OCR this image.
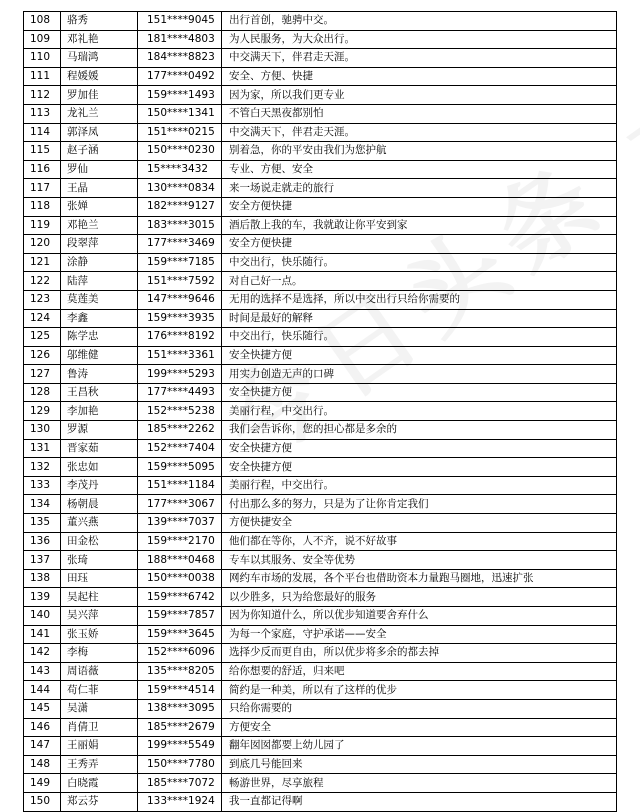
108	骆秀	151****9045	出行首创，驰骋中交。
109	邓礼艳	181****4803	为人民服务，为大众出行。
110	马瑞鸿	184****8823	中交满天下，伴君走天涯。
111	程媛媛	177****0492	安全、方便、快捷
112	罗加佳	159****1493	因为家，所以我们更专业
113	龙礼兰	150****1341	不管白天黑夜都别怕
114	郭泽凤	151****0215	中交满天下，伴君走天涯。
115	赵子涵	150****0230	别着急，你的平安由我们为您护航
116	罗仙	15****3432	专业、方便、安全
117	王晶	130****0834	来一场说走就走的旅行
118	张婵	182****9127	安全方便快捷
119	邓艳兰	183****3015	酒后散上我的车，我就敢让你平安到家
120	段翠萍	177****3469	安全方便快捷
121	涂静	159****7185	中交出行，快乐随行。
122	陆萍	151****7592	对自己好一点。
123	莫莲美	147****9646	无用的选择不是选择，所以中交出行只给你需要的
124	李鑫	159****3935	时间是最好的解释
125	陈学忠	176****8192	中交出行，快乐随行。
126	邬维健	151****3361	安全快捷方便
127	鲁涛	199****5293	用实力创造无声的口碑
128	王昌秋	177****4493	安全快捷方便
129	李加艳	152****5238	美丽行程，中交出行。
130	罗源	185****2262	我们会告诉你，您的担心都是多余的
131	晋家茹	152****7404	安全快捷方便
132	张忠如	159****5095	安全快捷方便
133	李茂丹	151****1184	美丽行程，中交出行。
134	杨朝晨	177****3067	付出那么多的努力，只是为了让你肯定我们
135	董兴燕	139****7037	方便快捷安全
136	田金松	159****2170	他们都在等你，人不齐，说不好故事
137	张琦	188****0468	专车以其服务、安全等优势
138	田珏	150****0038	网约车市场的发展，各个平台也借助资本力量跑马圈地，迅速扩张
139	吴起柱	159****6742	以少胜多，只为给您最好的服务
140	吴兴萍	159****7857	因为你知道什么，所以优步知道要舍弃什么
141	张玉娇	159****3645	为每一个家庭，守护承诺——安全
142	李梅	152****6096	选择少反而更自由，所以优步将多余的都去掉
143	周语薇	135****8205	给你想要的舒适，归来吧
144	苟仁菲	159****4514	简约是一种美，所以有了这样的优步
145	吴潇	138****3095	只给你需要的
146	肖倩卫	185****2679	方便安全
147	王丽娟	199****5549	翻年囡囡都要上幼儿园了
148	王秀弄	150****7780	到底几号能回来
149	白晓霞	185****7072	畅游世界，尽享旅程
150	郑云芬	133****1924	我一直都记得啊
